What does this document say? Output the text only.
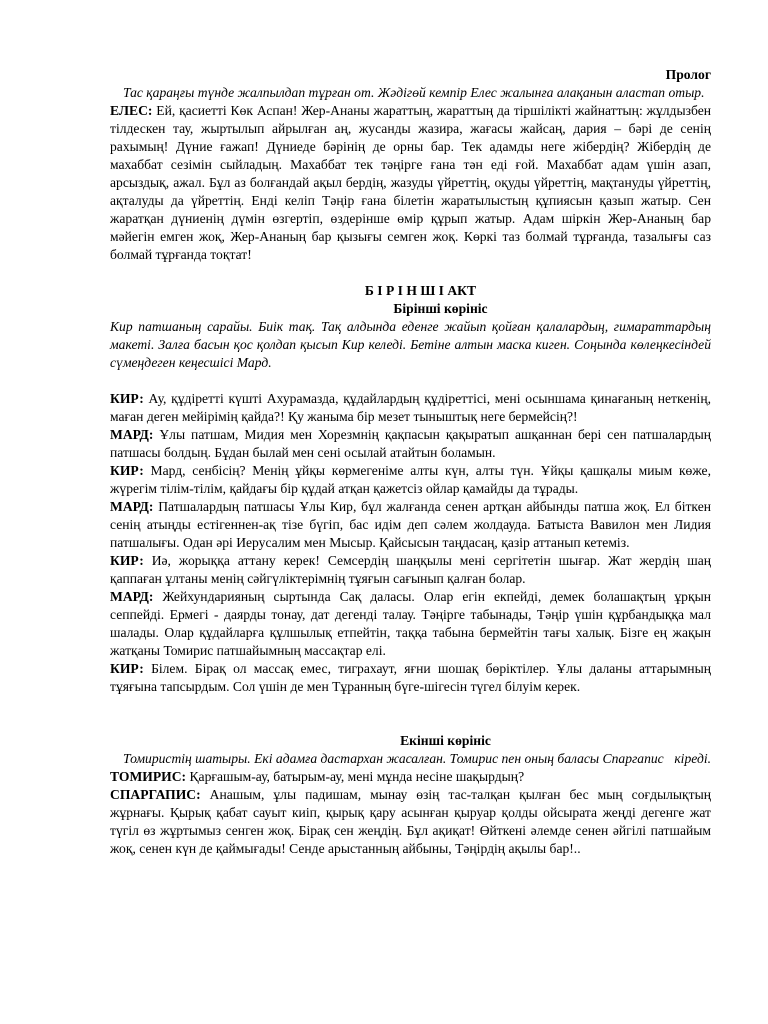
Пролог

Тас қараңғы түнде жалпылдап тұрған от. Жәдігөй кемпір Елес жалынға алақанын аластап отыр.

ЕЛЕС: Ей, қасиетті Көк Аспан! Жер-Ананы жараттың, жараттың да тіршілікті жайнаттың: жұлдызбен тілдескен тау, жыртылып айрылған аң, жусанды жазира, жағасы жайсаң, дария – бәрі де сенің рахымың! Дүние ғажап! Дүниеде бәрінің де орны бар. Тек адамды неге жібердің? Жібердің де махаббат сезімін сыйладың. Махаббат тек тәңірге ғана тән еді ғой. Махаббат адам үшін азап, арсыздық, ажал. Бұл аз болғандай ақыл бердің, жазуды үйреттің, оқуды үйреттің, мақтануды үйреттің, ақталуды да үйреттің. Енді келіп Тәңір ғана білетін жаратылыстың құпиясын қазып жатыр. Сен жаратқан дүниенің дүмін өзгертіп, өздерінше өмір құрып жатыр. Адам шіркін Жер-Ананың бар мәйегін емген жоқ, Жер-Ананың бар қызығы семген жоқ. Көркі таз болмай тұрғанда, тазалығы саз болмай тұрғанда тоқтат!

Б І Р І Н Ш І АКТ

Бірінші көрініс

Кир патшаның сарайы. Биік тақ. Тақ алдында еденге жайып қойған қалалардың, гимараттардың макеті. Залға басын қос қолдап қысып Кир келеді. Бетіне алтын маска киген. Соңында көлеңкесіндей сүмеңдеген кеңесшісі Мард.

КИР: Ау, құдіретті күшті Ахурамазда, құдайлардың құдіреттісі, мені осыншама қинағаның неткенің, маған деген мейірімің қайда?! Қу жаныма бір мезет тыныштық неге бермейсің?!

МАРД: Ұлы патшам, Мидия мен Хорезмнің қақпасын қақыратып ашқаннан бері сен патшалардың патшасы болдың. Бұдан былай мен сені осылай атайтын боламын.

КИР: Мард, сенбісің? Менің ұйқы көрмегеніме алты күн, алты түн. Ұйқы қашқалы миым көже, жүрегім тілім-тілім, қайдағы бір құдай атқан қажетсіз ойлар қамайды да тұрады.

МАРД: Патшалардың патшасы Ұлы Кир, бұл жалғанда сенен артқан айбынды патша жоқ. Ел біткен сенің атыңды естігеннен-ақ тізе бүгіп, бас идім деп сәлем жолдауда. Батыста Вавилон мен Лидия патшалығы. Одан әрі Иерусалим мен Мысыр. Қайсысын таңдасаң, қазір аттанып кетеміз.

КИР: Иә, жорыққа аттану керек! Семсердің шаңқылы мені сергітетін шығар. Жат жердің шаң қаппаған ұлтаны менің сәйгүліктерімнің тұяғын сағынып қалған болар.

МАРД: Жейхундарияның сыртында Сақ даласы. Олар егін екпейді, демек болашақтың ұрқын сеппейді. Ермегі - даярды тонау, дат дегенді талау. Тәңірге табынады, Тәңір үшін құрбандыққа мал шалады. Олар құдайларға құлшылық етпейтін, таққа табына бермейтін тағы халық. Бізге ең жақын жатқаны Томирис патшайымның массақтар елі.

КИР: Білем. Бірақ ол массақ емес, тиграхаут, яғни шошақ бөріктілер. Ұлы даланы аттарымның тұяғына тапсырдым. Сол үшін де мен Тұранның бүге-шігесін түгел білуім керек.

Екінші көрініс

Томиристің шатыры. Екі адамға дастархан жасалған. Томирис пен оның баласы Спаргапис кіреді.

ТОМИРИС: Қарғашым-ау, батырым-ау, мені мұнда несіне шақырдың?

СПАРГАПИС: Анашым, ұлы падишам, мынау өзің тас-талқан қылған бес мың соғдылықтың жұрнағы. Қырық қабат сауыт киіп, қырық қару асынған қыруар қолды ойсырата жеңді дегенге жат түгіл өз жұртымыз сенген жоқ. Бірақ сен жеңдің. Бұл ақиқат! Өйткені әлемде сенен әйгілі патшайым жоқ, сенен күн де қаймығады! Сенде арыстанның айбыны, Тәңірдің ақылы бар!..
